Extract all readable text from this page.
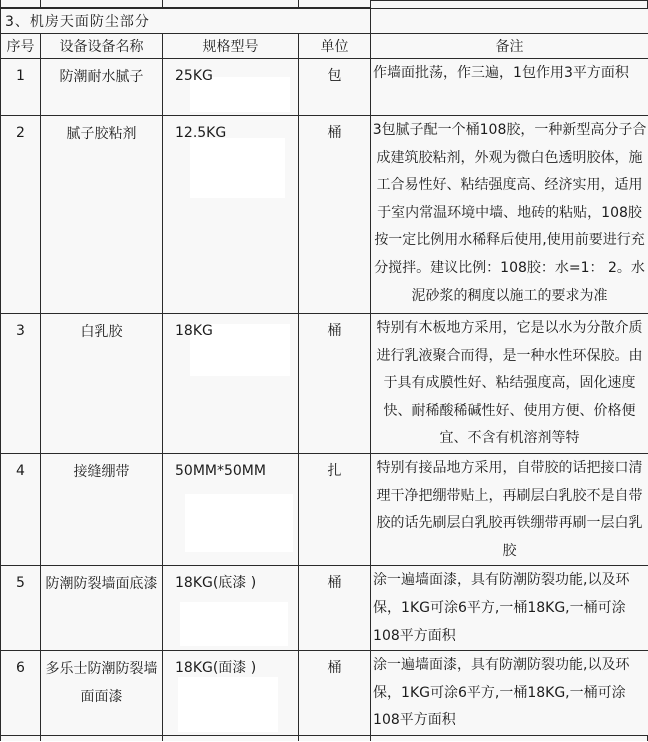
3、机房天面防尘部分				
序号	设备设备名称	规格型号	单位	备注
1	防潮耐水腻子	25KG	包	作墙面批荡，作三遍，1包作用3平方面积
2	腻子胶粘剂	12.5KG	桶	3包腻子配一个桶108胶，一种新型高分子合成建筑胶粘剂，外观为微白色透明胶体，施工合易性好、粘结强度高、经济实用，适用于室内常温环境中墙、地砖的粘贴，108胶按一定比例用水稀释后使用,使用前要进行充分搅拌。建议比例：108胶：水=1： 2。水泥砂浆的稠度以施工的要求为准
3	白乳胶	18KG	桶	特别有木板地方采用，它是以水为分散介质进行乳液聚合而得，是一种水性环保胶。由于具有成膜性好、粘结强度高，固化速度快、耐稀酸稀碱性好、使用方便、价格便宜、不含有机溶剂等特
4	接缝绷带	50MM*50MM	扎	特别有接品地方采用，自带胶的话把接口清理干净把绷带贴上，再刷层白乳胶不是自带胶的话先刷层白乳胶再铁绷带再刷一层白乳胶
5	防潮防裂墙面底漆	18KG(底漆 )	桶	涂一遍墙面漆，具有防潮防裂功能,以及环保，1KG可涂6平方,一桶18KG,一桶可涂108平方面积
6	多乐士防潮防裂墙面面漆	18KG(面漆 )	桶	涂一遍墙面漆，具有防潮防裂功能,以及环保，1KG可涂6平方,一桶18KG,一桶可涂108平方面积
